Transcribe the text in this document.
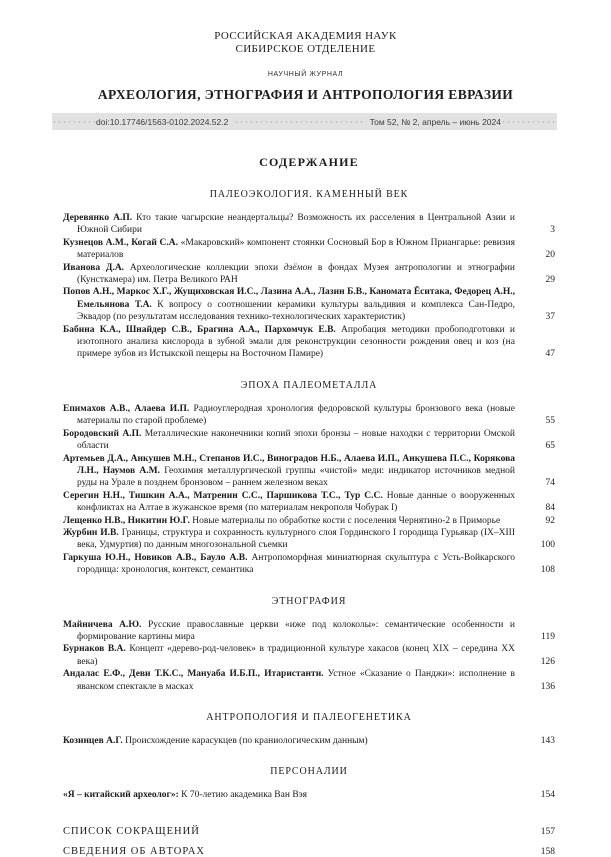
РОССИЙСКАЯ АКАДЕМИЯ НАУК
СИБИРСКОЕ ОТДЕЛЕНИЕ
НАУЧНЫЙ ЖУРНАЛ
АРХЕОЛОГИЯ, ЭТНОГРАФИЯ И АНТРОПОЛОГИЯ ЕВРАЗИИ
doi:10.17746/1563-0102.2024.52.2	Том 52, № 2, апрель – июнь 2024
СОДЕРЖАНИЕ
ПАЛЕОЭКОЛОГИЯ. КАМЕННЫЙ ВЕК
Деревянко А.П. Кто такие чагырские неандертальцы? Возможность их расселения в Центральной Азии и Южной Сибири	3
Кузнецов А.М., Когай С.А. «Макаровский» компонент стоянки Сосновый Бор в Южном Приангарье: ревизия материалов	20
Иванова Д.А. Археологические коллекции эпохи дзёмон в фондах Музея антропологии и этнографии (Кунсткамера) им. Петра Великого РАН	29
Попов А.Н., Маркос Х.Г., Жущиховская И.С., Лазина А.А., Лазин Б.В., Каномата Ёситака, Федорец А.Н., Емельянова Т.А. К вопросу о соотношении керамики культуры вальдивия и комплекса Сан-Педро, Эквадор (по результатам исследования технико-технологических характеристик)	37
Бабина К.А., Шнайдер С.В., Брагина А.А., Пархомчук Е.В. Апробация методики пробоподготовки и изотопного анализа кислорода в зубной эмали для реконструкции сезонности рождения овец и коз (на примере зубов из Истыкской пещеры на Восточном Памире)	47
ЭПОХА ПАЛЕОМЕТАЛЛА
Епимахов А.В., Алаева И.П. Радиоуглеродная хронология федоровской культуры бронзового века (новые материалы по старой проблеме)	55
Бородовский А.П. Металлические наконечники копий эпохи бронзы – новые находки с территории Омской области	65
Артемьев Д.А., Анкушев М.Н., Степанов И.С., Виноградов Н.Б., Алаева И.П., Анкушева П.С., Корякова Л.Н., Наумов А.М. Геохимия металлургической группы «чистой» меди: индикатор источников медной руды на Урале в позднем бронзовом – раннем железном веках	74
Серегин Н.Н., Тишкин А.А., Матренин С.С., Паршикова Т.С., Тур С.С. Новые данные о вооруженных конфликтах на Алтае в жужанское время (по материалам некрополя Чобурак I)	84
Лещенко Н.В., Никитин Ю.Г. Новые материалы по обработке кости с поселения Чернятино-2 в Приморье	92
Журбин И.В. Границы, структура и сохранность культурного слоя Гординского I городища Гурьякар (IX–XIII века, Удмуртия) по данным многозональной съемки	100
Гаркуша Ю.Н., Новиков А.В., Бауло А.В. Антропоморфная миниатюрная скульптура с Усть-Войкарского городища: хронология, контекст, семантика	108
ЭТНОГРАФИЯ
Майничева А.Ю. Русские православные церкви «иже под колоколы»: семантические особенности и формирование картины мира	119
Бурнаков В.А. Концепт «дерево-род-человек» в традиционной культуре хакасов (конец XIX – середина XX века)	126
Андалас Е.Ф., Деви Т.К.С., Мануаба И.Б.П., Итаристанти. Устное «Сказание о Панджи»: исполнение в яванском спектакле в масках	136
АНТРОПОЛОГИЯ И ПАЛЕОГЕНЕТИКА
Козинцев А.Г. Происхождение карасукцев (по краниологическим данным)	143
ПЕРСОНАЛИИ
«Я – китайский археолог»: К 70-летию академика Ван Вэя	154
СПИСОК СОКРАЩЕНИЙ	157
СВЕДЕНИЯ ОБ АВТОРАХ	158
